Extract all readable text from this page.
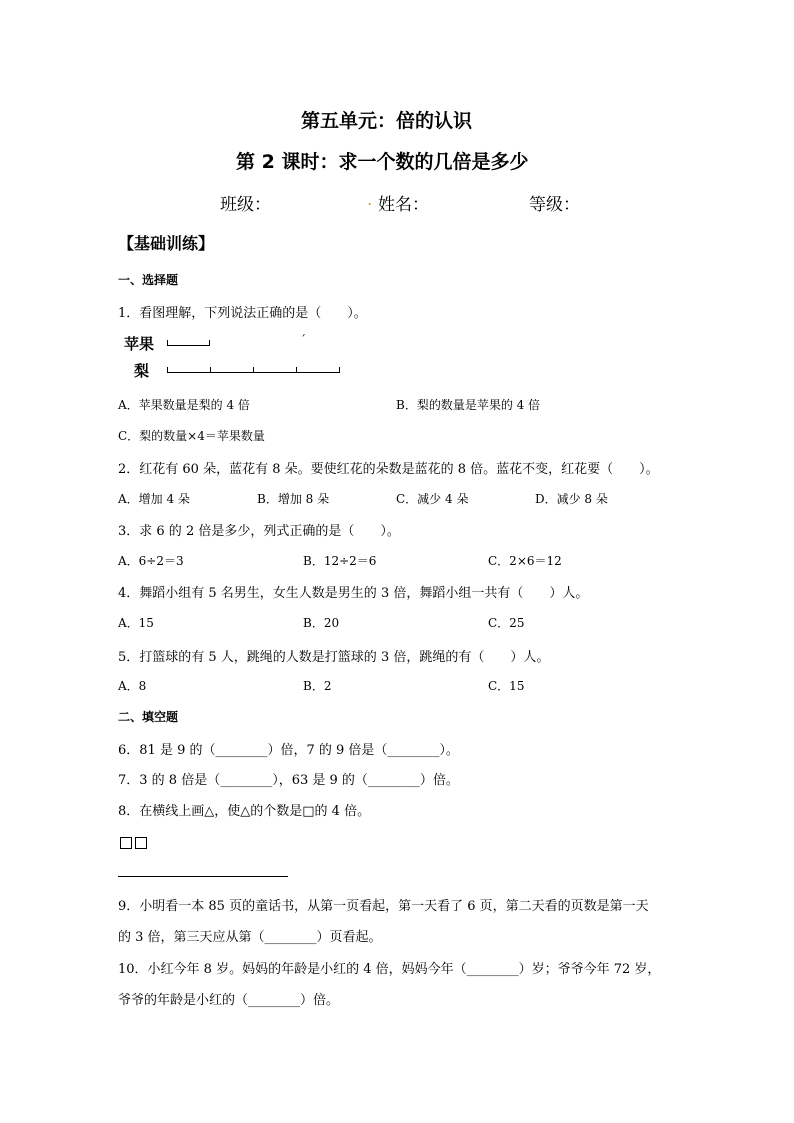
第五单元：倍的认识
第 2 课时：求一个数的几倍是多少
班级：	. 姓名：	等级：
【基础训练】
一、选择题
1．看图理解，下列说法正确的是（　　）。
苹果	ˊ
梨
A．苹果数量是梨的 4 倍	B．梨的数量是苹果的 4 倍
C．梨的数量×4＝苹果数量
2．红花有 60 朵，蓝花有 8 朵。要使红花的朵数是蓝花的 8 倍。蓝花不变，红花要（　　）。
A．增加 4 朵	B．增加 8 朵	C．减少 4 朵	D．减少 8 朵
3．求 6 的 2 倍是多少，列式正确的是（　　）。
A．6÷2＝3	B．12÷2＝6	C．2×6＝12
4．舞蹈小组有 5 名男生，女生人数是男生的 3 倍，舞蹈小组一共有（　　）人。
A．15	B．20	C．25
5．打篮球的有 5 人，跳绳的人数是打篮球的 3 倍，跳绳的有（　　）人。
A．8	B．2	C．15
二、填空题
6．81 是 9 的（________）倍，7 的 9 倍是（________）。
7．3 的 8 倍是（________），63 是 9 的（________）倍。
8．在横线上画△，使△的个数是□的 4 倍。
9．小明看一本 85 页的童话书，从第一页看起，第一天看了 6 页，第二天看的页数是第一天
的 3 倍，第三天应从第（________）页看起。
10．小红今年 8 岁。妈妈的年龄是小红的 4 倍，妈妈今年（________）岁；爷爷今年 72 岁，
爷爷的年龄是小红的（________）倍。
